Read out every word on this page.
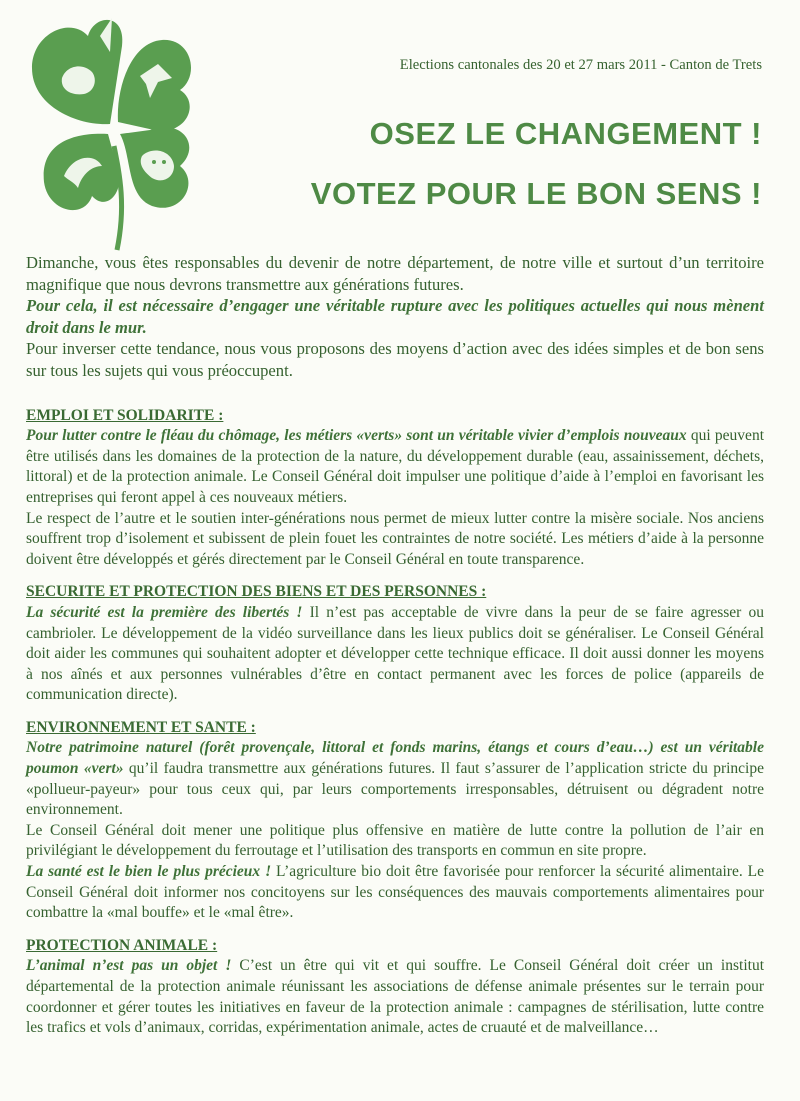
Elections cantonales des 20 et 27 mars 2011 - Canton de Trets
OSEZ LE CHANGEMENT !
VOTEZ POUR LE BON SENS !

Dimanche, vous êtes responsables du devenir de notre département, de notre ville et surtout d’un territoire magnifique que nous devrons transmettre aux générations futures.

Pour cela, il est nécessaire d’engager une véritable rupture avec les politiques actuelles qui nous mènent droit dans le mur.

Pour inverser cette tendance, nous vous proposons des moyens d’action avec des idées simples et de bon sens sur tous les sujets qui vous préoccupent.

EMPLOI ET SOLIDARITE :

Pour lutter contre le fléau du chômage, les métiers «verts» sont un véritable vivier d’emplois nouveaux qui peuvent être utilisés dans les domaines de la protection de la nature, du développement durable (eau, assainissement, déchets, littoral) et de la protection animale. Le Conseil Général doit impulser une politique d’aide à l’emploi en favorisant les entreprises qui feront appel à ces nouveaux métiers.

Le respect de l’autre et le soutien inter-générations nous permet de mieux lutter contre la misère sociale. Nos anciens souffrent trop d’isolement et subissent de plein fouet les contraintes de notre société. Les métiers d’aide à la personne doivent être développés et gérés directement par le Conseil Général en toute transparence.

SECURITE ET PROTECTION DES BIENS ET DES PERSONNES :

La sécurité est la première des libertés ! Il n’est pas acceptable de vivre dans la peur de se faire agresser ou cambrioler. Le développement de la vidéo surveillance dans les lieux publics doit se généraliser. Le Conseil Général doit aider les communes qui souhaitent adopter et développer cette technique efficace. Il doit aussi donner les moyens à nos aînés et aux personnes vulnérables d’être en contact permanent avec les forces de police (appareils de communication directe).

ENVIRONNEMENT ET SANTE :

Notre patrimoine naturel (forêt provençale, littoral et fonds marins, étangs et cours d’eau…) est un véritable poumon «vert» qu’il faudra transmettre aux générations futures. Il faut s’assurer de l’application stricte du principe «pollueur-payeur» pour tous ceux qui, par leurs comportements irresponsables, détruisent ou dégradent notre environnement.

Le Conseil Général doit mener une politique plus offensive en matière de lutte contre la pollution de l’air en privilégiant le développement du ferroutage et l’utilisation des transports en commun en site propre.

La santé est le bien le plus précieux ! L’agriculture bio doit être favorisée pour renforcer la sécurité alimentaire. Le Conseil Général doit informer nos concitoyens sur les conséquences des mauvais comportements alimentaires pour combattre la «mal bouffe» et le «mal être».

PROTECTION ANIMALE :

L’animal n’est pas un objet ! C’est un être qui vit et qui souffre. Le Conseil Général doit créer un institut départemental de la protection animale réunissant les associations de défense animale présentes sur le terrain pour coordonner et gérer toutes les initiatives en faveur de la protection animale : campagnes de stérilisation, lutte contre les trafics et vols d’animaux, corridas, expérimentation animale, actes de cruauté et de malveillance…
